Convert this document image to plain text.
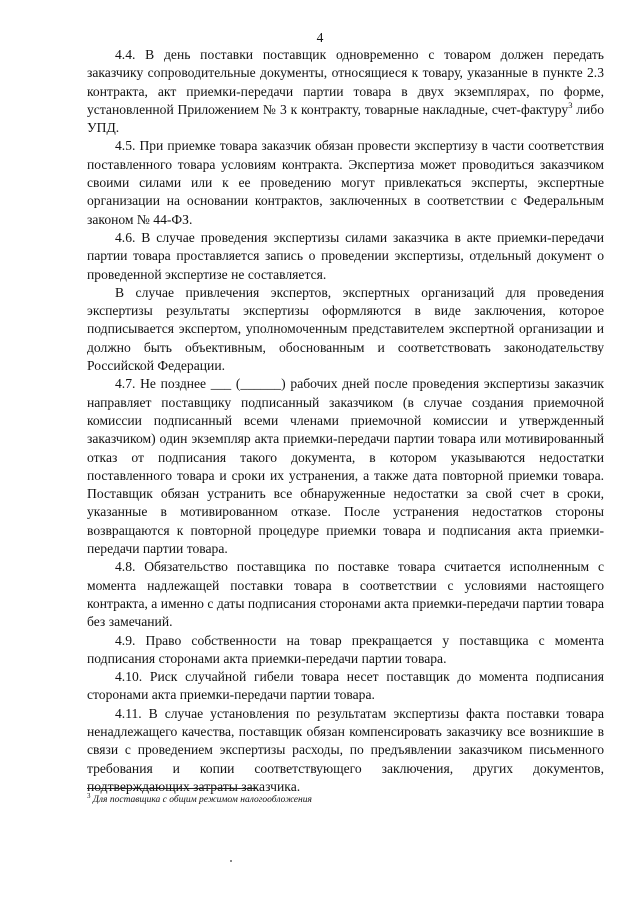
4

4.4. В день поставки поставщик одновременно с товаром должен передать заказчику сопроводительные документы, относящиеся к товару, указанные в пункте 2.3 контракта, акт приемки-передачи партии товара в двух экземплярах, по форме, установленной Приложением № 3 к контракту, товарные накладные, счет-фактуру$^3$ либо УПД.

4.5. При приемке товара заказчик обязан провести экспертизу в части соответствия поставленного товара условиям контракта. Экспертиза может проводиться заказчиком своими силами или к ее проведению могут привлекаться эксперты, экспертные организации на основании контрактов, заключенных в соответствии с Федеральным законом № 44-ФЗ.

4.6. В случае проведения экспертизы силами заказчика в акте приемки-передачи партии товара проставляется запись о проведении экспертизы, отдельный документ о проведенной экспертизе не составляется.

В случае привлечения экспертов, экспертных организаций для проведения экспертизы результаты экспертизы оформляются в виде заключения, которое подписывается экспертом, уполномоченным представителем экспертной организации и должно быть объективным, обоснованным и соответствовать законодательству Российской Федерации.

4.7. Не позднее ___ (______) рабочих дней после проведения экспертизы заказчик направляет поставщику подписанный заказчиком (в случае создания приемочной комиссии подписанный всеми членами приемочной комиссии и утвержденный заказчиком) один экземпляр акта приемки-передачи партии товара или мотивированный отказ от подписания такого документа, в котором указываются недостатки поставленного товара и сроки их устранения, а также дата повторной приемки товара. Поставщик обязан устранить все обнаруженные недостатки за свой счет в сроки, указанные в мотивированном отказе. После устранения недостатков стороны возвращаются к повторной процедуре приемки товара и подписания акта приемки-передачи партии товара.

4.8. Обязательство поставщика по поставке товара считается исполненным с момента надлежащей поставки товара в соответствии с условиями настоящего контракта, а именно с даты подписания сторонами акта приемки-передачи партии товара без замечаний.

4.9. Право собственности на товар прекращается у поставщика с момента подписания сторонами акта приемки-передачи партии товара.

4.10. Риск случайной гибели товара несет поставщик до момента подписания сторонами акта приемки-передачи партии товара.

4.11. В случае установления по результатам экспертизы факта поставки товара ненадлежащего качества, поставщик обязан компенсировать заказчику все возникшие в связи с проведением экспертизы расходы, по предъявлении заказчиком письменного требования и копии соответствующего заключения, других документов, подтверждающих затраты заказчика.

$^3$ Для поставщика с общим режимом налогообложения
